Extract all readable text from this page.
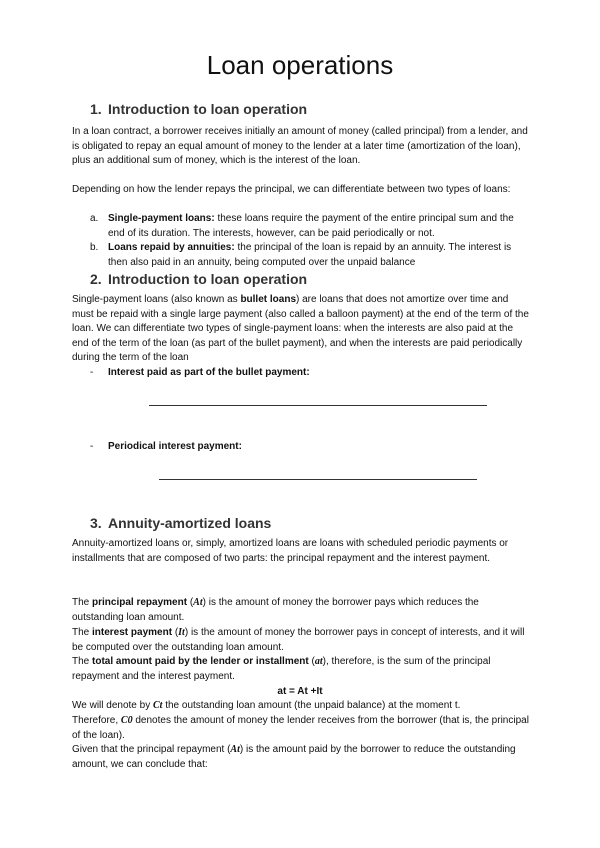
Loan operations
1. Introduction to loan operation

In a loan contract, a borrower receives initially an amount of money (called principal) from a lender, and is obligated to repay an equal amount of money to the lender at a later time (amortization of the loan), plus an additional sum of money, which is the interest of the loan.

Depending on how the lender repays the principal, we can differentiate between two types of loans:

a. Single-payment loans: these loans require the payment of the entire principal sum and the end of its duration. The interests, however, can be paid periodically or not.

b. Loans repaid by annuities: the principal of the loan is repaid by an annuity. The interest is then also paid in an annuity, being computed over the unpaid balance

2. Introduction to loan operation

Single-payment loans (also known as bullet loans) are loans that does not amortize over time and must be repaid with a single large payment (also called a balloon payment) at the end of the term of the loan. We can differentiate two types of single-payment loans: when the interests are also paid at the end of the term of the loan (as part of the bullet payment), and when the interests are paid periodically during the term of the loan

- Interest paid as part of the bullet payment:
- Periodical interest payment:
3. Annuity-amortized loans

Annuity-amortized loans or, simply, amortized loans are loans with scheduled periodic payments or installments that are composed of two parts: the principal repayment and the interest payment.

The principal repayment (At) is the amount of money the borrower pays which reduces the outstanding loan amount.

The interest payment (It) is the amount of money the borrower pays in concept of interests, and it will be computed over the outstanding loan amount.

The total amount paid by the lender or installment (at), therefore, is the sum of the principal repayment and the interest payment.

at = At +It

We will denote by Ct the outstanding loan amount (the unpaid balance) at the moment t.

Therefore, C0 denotes the amount of money the lender receives from the borrower (that is, the principal of the loan).

Given that the principal repayment (At) is the amount paid by the borrower to reduce the outstanding amount, we can conclude that:
